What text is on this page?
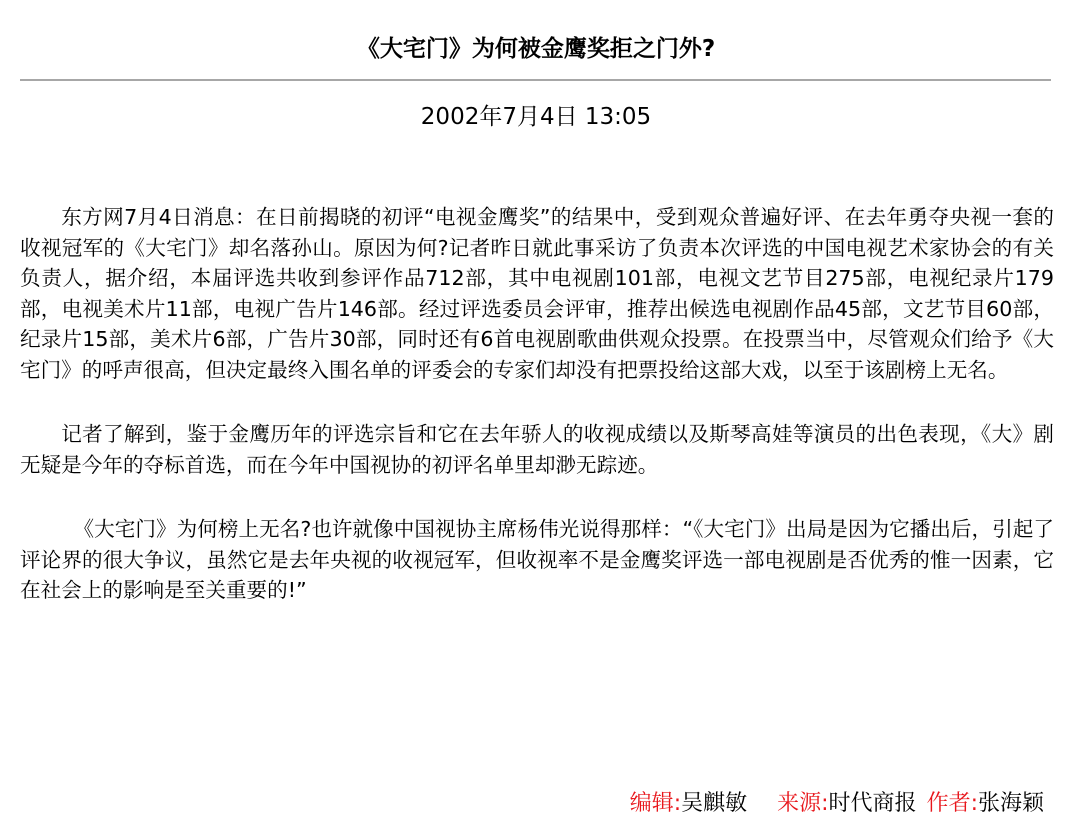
《大宅门》为何被金鹰奖拒之门外?
2002年7月4日 13:05

东方网7月4日消息：在日前揭晓的初评“电视金鹰奖”的结果中，受到观众普遍好评、在去年勇夺央视一套的收视冠军的《大宅门》却名落孙山。原因为何?记者昨日就此事采访了负责本次评选的中国电视艺术家协会的有关负责人，据介绍，本届评选共收到参评作品712部，其中电视剧101部，电视文艺节目275部，电视纪录片179部，电视美术片11部，电视广告片146部。经过评选委员会评审，推荐出候选电视剧作品45部，文艺节目60部，纪录片15部，美术片6部，广告片30部，同时还有6首电视剧歌曲供观众投票。在投票当中，尽管观众们给予《大宅门》的呼声很高，但决定最终入围名单的评委会的专家们却没有把票投给这部大戏，以至于该剧榜上无名。

记者了解到，鉴于金鹰历年的评选宗旨和它在去年骄人的收视成绩以及斯琴高娃等演员的出色表现，《大》剧无疑是今年的夺标首选，而在今年中国视协的初评名单里却渺无踪迹。

《大宅门》为何榜上无名?也许就像中国视协主席杨伟光说得那样：“《大宅门》出局是因为它播出后，引起了评论界的很大争议，虽然它是去年央视的收视冠军，但收视率不是金鹰奖评选一部电视剧是否优秀的惟一因素，它在社会上的影响是至关重要的!”

编辑:吴麒敏 来源:时代商报 作者:张海颖
